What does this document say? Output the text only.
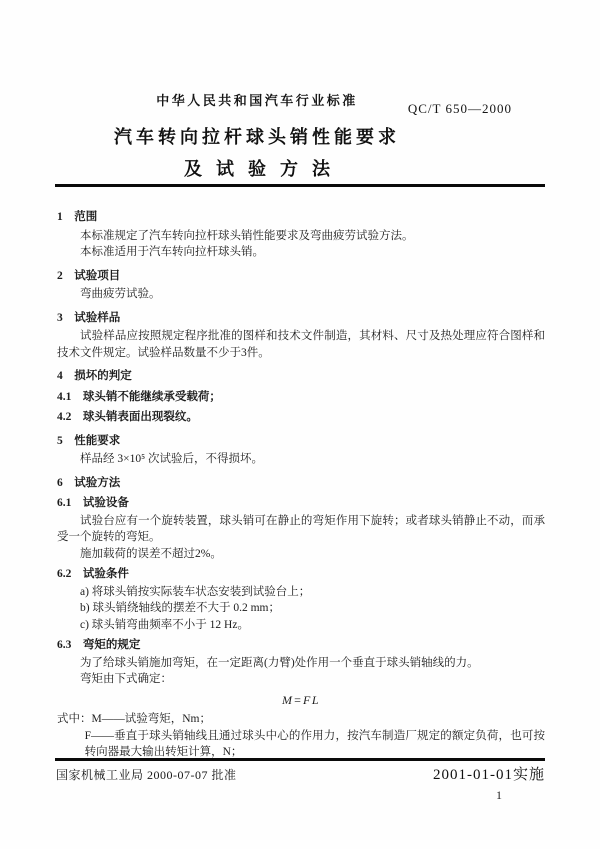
中华人民共和国汽车行业标准
汽车转向拉杆球头销性能要求
及试验方法
QC/T 650—2000
1　范围
本标准规定了汽车转向拉杆球头销性能要求及弯曲疲劳试验方法。
本标准适用于汽车转向拉杆球头销。
2　试验项目
弯曲疲劳试验。
3　试验样品
试验样品应按照规定程序批准的图样和技术文件制造，其材料、尺寸及热处理应符合图样和技术文件规定。试验样品数量不少于3件。
4　损坏的判定
4.1　球头销不能继续承受载荷；
4.2　球头销表面出现裂纹。
5　性能要求
样品经 3×10⁵ 次试验后，不得损坏。
6　试验方法
6.1　试验设备
试验台应有一个旋转装置，球头销可在静止的弯矩作用下旋转；或者球头销静止不动，而承受一个旋转的弯矩。
施加载荷的误差不超过2%。
6.2　试验条件
a) 将球头销按实际装车状态安装到试验台上；
b) 球头销绕轴线的摆差不大于 0.2 mm；
c) 球头销弯曲频率不小于 12 Hz。
6.3　弯矩的规定
为了给球头销施加弯矩，在一定距离(力臂)处作用一个垂直于球头销轴线的力。
弯矩由下式确定：
M=FL
式中：M——试验弯矩，Nm；
F——垂直于球头销轴线且通过球头中心的作用力，按汽车制造厂规定的额定负荷，也可按转向器最大输出转矩计算，N；
国家机械工业局 2000-07-07 批准	2001-01-01实施
1
